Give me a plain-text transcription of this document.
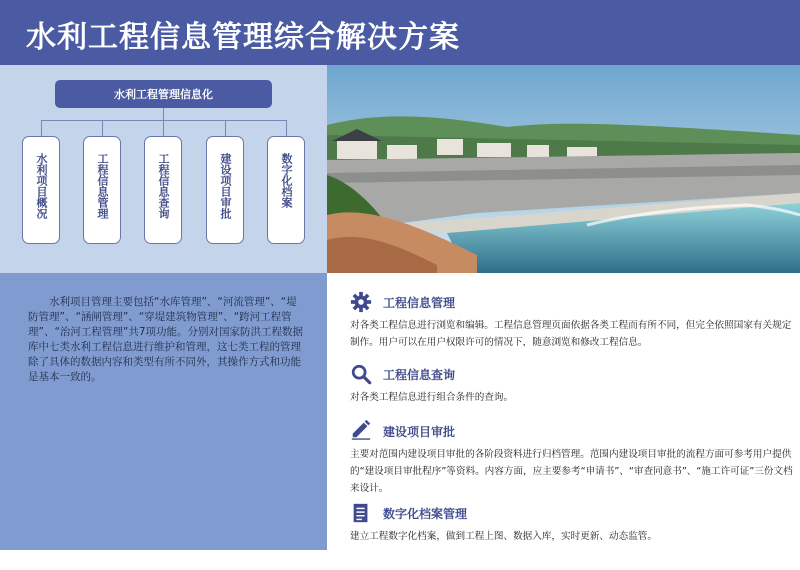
水利工程信息管理综合解决方案
水利工程管理信息化
水利项目概况	工程信息管理	工程信息查询	建设项目审批	数字化档案

水利项目管理主要包括“水库管理”、“河流管理”、“堤防管理”、“涵闸管理”、“穿堤建筑物管理”、“跨河工程管理”、“治河工程管理”共7项功能。分别对国家防洪工程数据库中七类水利工程信息进行维护和管理，这七类工程的管理除了具体的数据内容和类型有所不同外，其操作方式和功能是基本一致的。

工程信息管理
对各类工程信息进行浏览和编辑。工程信息管理页面依据各类工程而有所不同，但完全依照国家有关规定制作。用户可以在用户权限许可的情况下，随意浏览和修改工程信息。
工程信息查询
对各类工程信息进行组合条件的查询。
建设项目审批
主要对范围内建设项目审批的各阶段资料进行归档管理。范围内建设项目审批的流程方面可参考用户提供的“建设项目审批程序”等资料。内容方面，应主要参考“申请书”、“审查同意书”、“施工许可证”三份文档来设计。
数字化档案管理
建立工程数字化档案，做到工程上图、数据入库，实时更新、动态监管。
